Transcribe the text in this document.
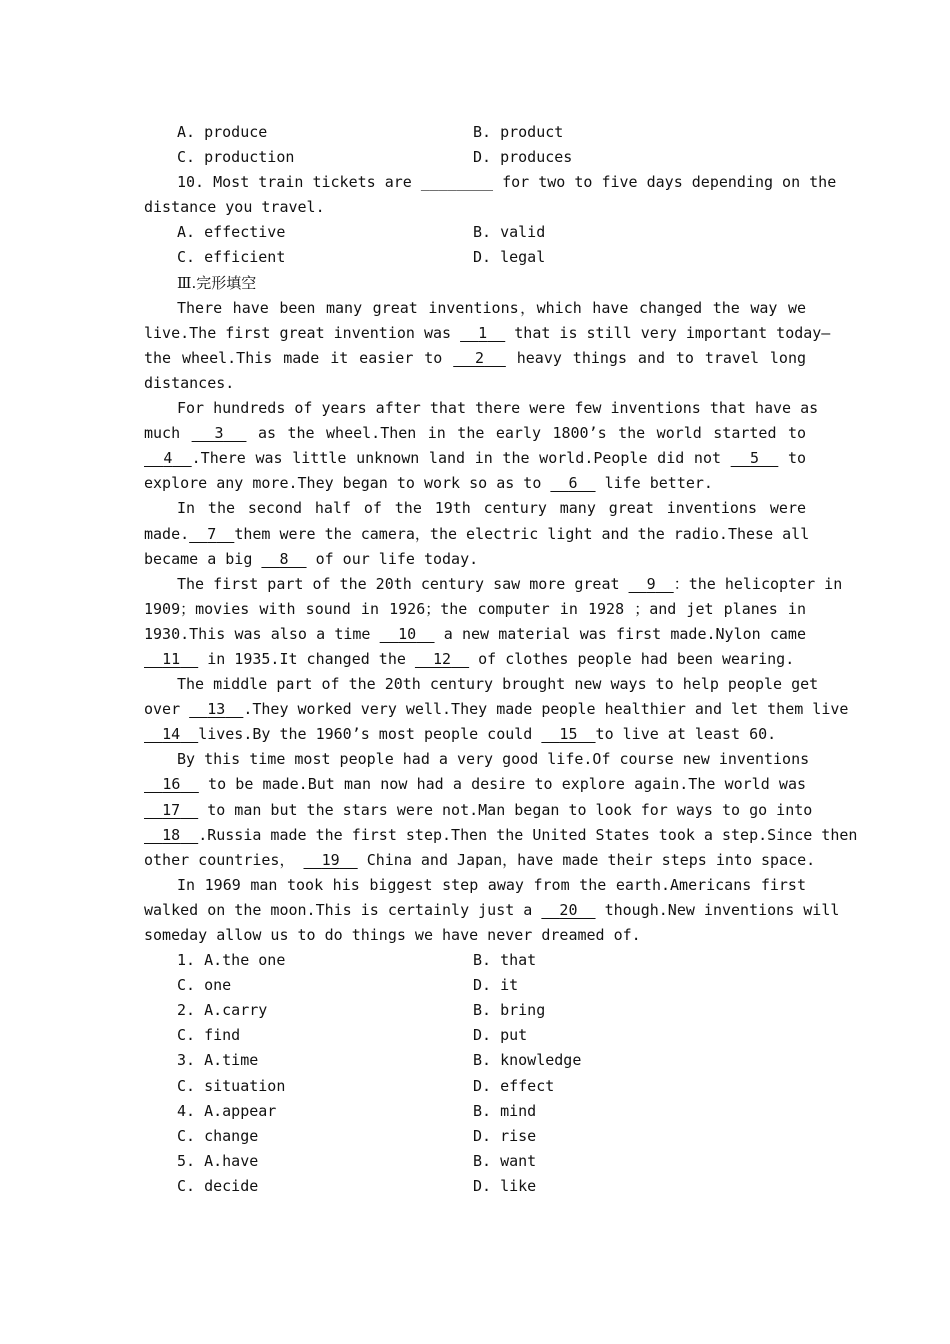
A. produce	B. product
C. production	D. produces
10. Most train tickets are ________ for two to five days depending on the
distance you travel.
A. effective	B. valid
C. efficient	D. legal
Ⅲ.完形填空
There have been many great inventions，which have changed the way we
live.The first great invention was 1 that is still very important today—
the wheel.This made it easier to 2 heavy things and to travel long
distances.
For hundreds of years after that there were few inventions that have as
much 3 as the wheel.Then in the early 1800’s the world started to
4 .There was little unknown land in the world.People did not 5 to
explore any more.They began to work so as to 6 life better.
In the second half of the 19th century many great inventions were
made. 7 them were the camera，the electric light and the radio.These all
became a big 8 of our life today.
The first part of the 20th century saw more great 9 ：the helicopter in
1909；movies with sound in 1926；the computer in 1928 ；and jet planes in
1930.This was also a time 10 a new material was first made.Nylon came
11 in 1935.It changed the 12 of clothes people had been wearing.
The middle part of the 20th century brought new ways to help people get
over 13 .They worked very well.They made people healthier and let them live
14 lives.By the 1960’s most people could 15 to live at least 60.
By this time most people had a very good life.Of course new inventions
16 to be made.But man now had a desire to explore again.The world was
17 to man but the stars were not.Man began to look for ways to go into
18 .Russia made the first step.Then the United States took a step.Since then
other countries， 19 China and Japan，have made their steps into space.
In 1969 man took his biggest step away from the earth.Americans first
walked on the moon.This is certainly just a 20 though.New inventions will
someday allow us to do things we have never dreamed of.
1. A.the one	B. that
C. one	D. it
2. A.carry	B. bring
C. find	D. put
3. A.time	B. knowledge
C. situation	D. effect
4. A.appear	B. mind
C. change	D. rise
5. A.have	B. want
C. decide	D. like
